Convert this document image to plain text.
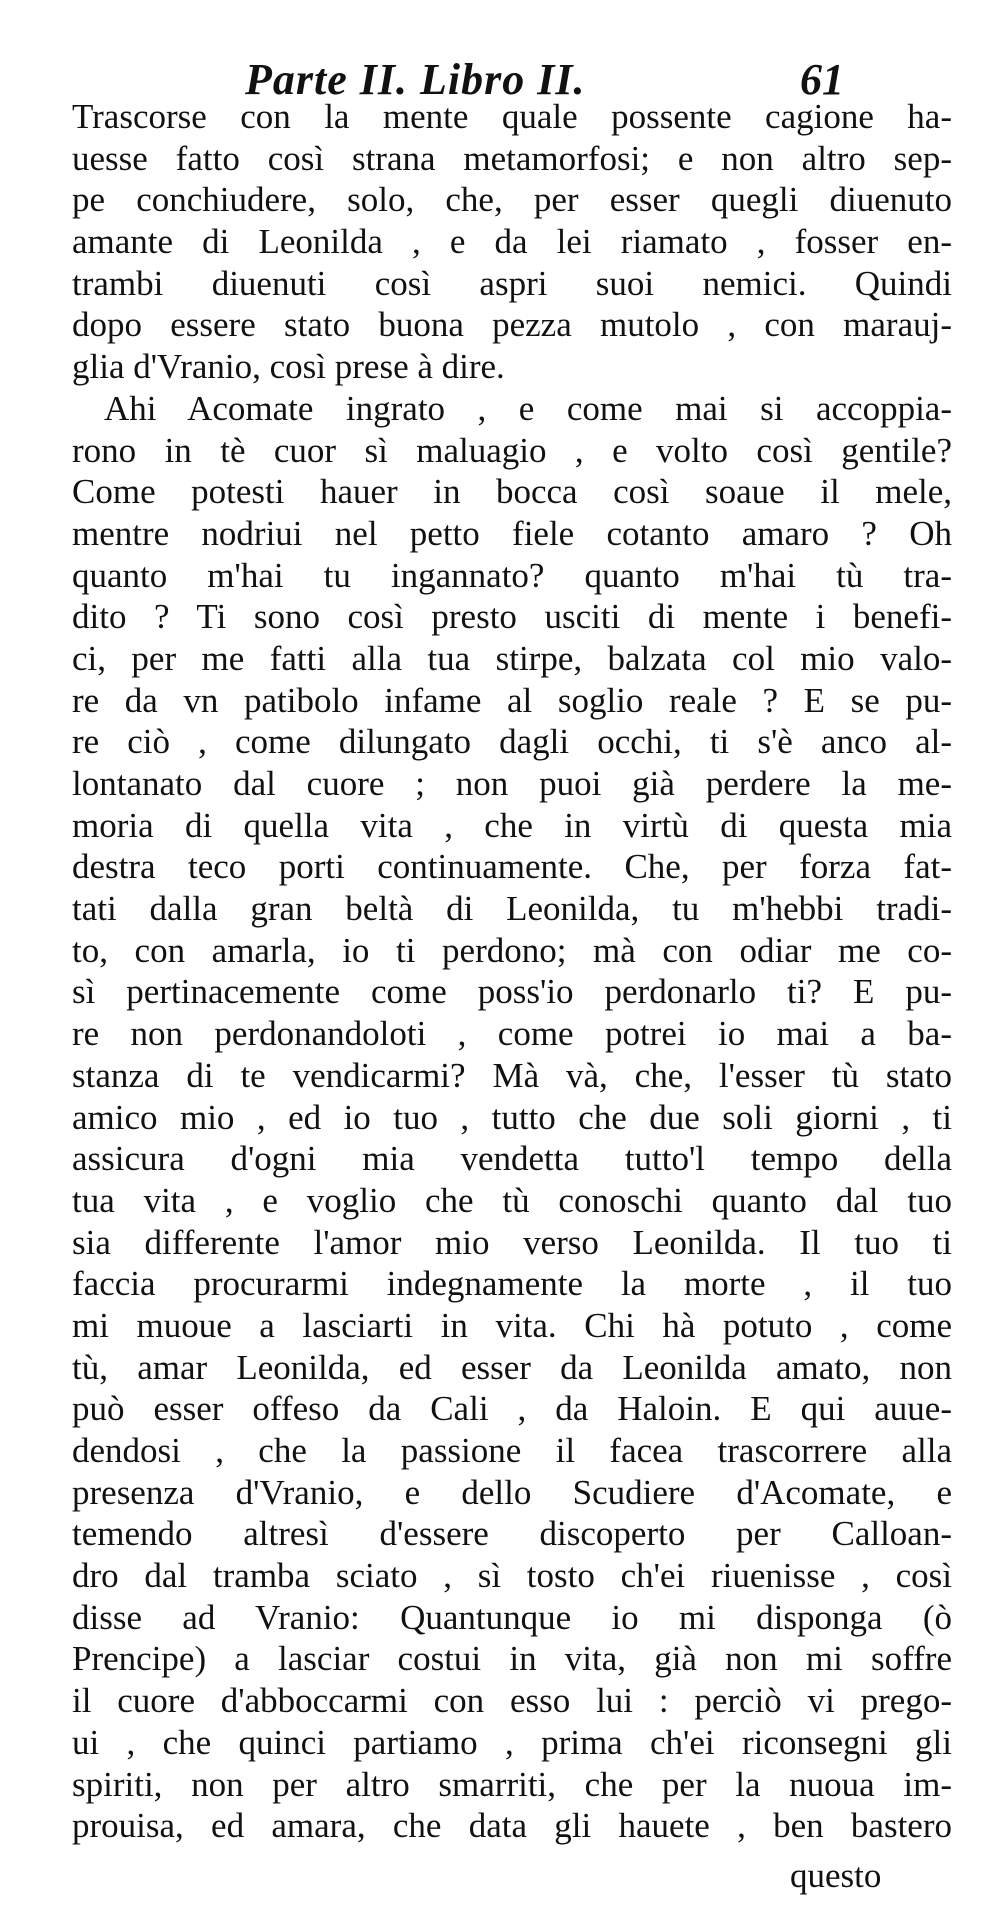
Parte II. Libro II.	61
Trascorse con la mente quale possente cagione ha-
uesse fatto così strana metamorfosi; e non altro sep-
pe conchiudere, solo, che, per esser quegli diuenuto
amante di Leonilda , e da lei riamato , fosser en-
trambi diuenuti così aspri suoi nemici. Quindi
dopo essere stato buona pezza mutolo , con marauj-
glia d'Vranio, così prese à dire.
Ahi Acomate ingrato , e come mai si accoppia-
rono in tè cuor sì maluagio , e volto così gentile?
Come potesti hauer in bocca così soaue il mele,
mentre nodriui nel petto fiele cotanto amaro ? Oh
quanto m'hai tu ingannato? quanto m'hai tù tra-
dito ? Ti sono così presto usciti di mente i benefi-
ci, per me fatti alla tua stirpe, balzata col mio valo-
re da vn patibolo infame al soglio reale ? E se pu-
re ciò , come dilungato dagli occhi, ti s'è anco al-
lontanato dal cuore ; non puoi già perdere la me-
moria di quella vita , che in virtù di questa mia
destra teco porti continuamente. Che, per forza fat-
tati dalla gran beltà di Leonilda, tu m'hebbi tradi-
to, con amarla, io ti perdono; mà con odiar me co-
sì pertinacemente come poss'io perdonarlo ti? E pu-
re non perdonandoloti , come potrei io mai a ba-
stanza di te vendicarmi? Mà và, che, l'esser tù stato
amico mio , ed io tuo , tutto che due soli giorni , ti
assicura d'ogni mia vendetta tutto'l tempo della
tua vita , e voglio che tù conoschi quanto dal tuo
sia differente l'amor mio verso Leonilda. Il tuo ti
faccia procurarmi indegnamente la morte , il tuo
mi muoue a lasciarti in vita. Chi hà potuto , come
tù, amar Leonilda, ed esser da Leonilda amato, non
può esser offeso da Cali , da Haloin. E qui auue-
dendosi , che la passione il facea trascorrere alla
presenza d'Vranio, e dello Scudiere d'Acomate, e
temendo altresì d'essere discoperto per Calloan-
dro dal tramba sciato , sì tosto ch'ei riuenisse , così
disse ad Vranio: Quantunque io mi disponga (ò
Prencipe) a lasciar costui in vita, già non mi soffre
il cuore d'abboccarmi con esso lui : perciò vi prego-
ui , che quinci partiamo , prima ch'ei riconsegni gli
spiriti, non per altro smarriti, che per la nuoua im-
prouisa, ed amara, che data gli hauete , ben bastero
questo
